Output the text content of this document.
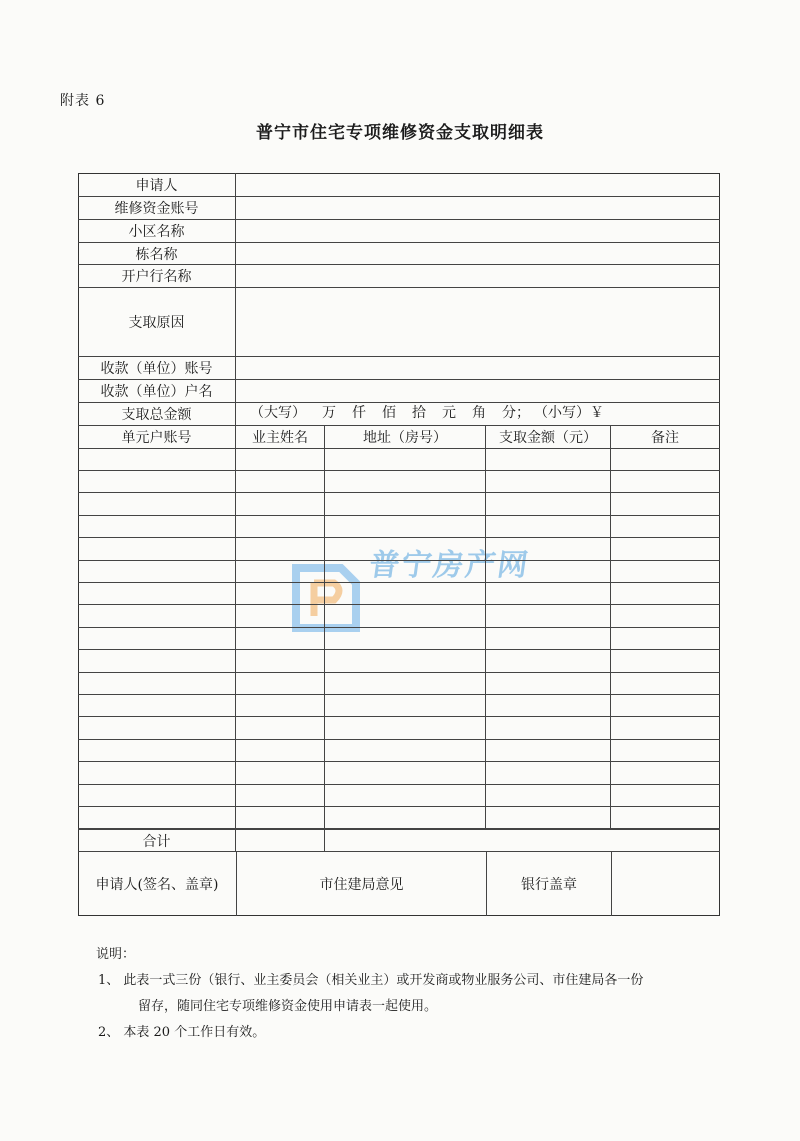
附表 6
普宁市住宅专项维修资金支取明细表
普宁房产网
申请人
维修资金账号
小区名称
栋名称
开户行名称
支取原因
收款（单位）账号
收款（单位）户名
支取总金额	（大写） 万 仟 佰 拾 元 角 分； （小写）￥
单元户账号	业主姓名	地址（房号）	支取金额（元）	备注
合计
申请人(签名、盖章)	市住建局意见	银行盖章
说明：
1、 此表一式三份（银行、业主委员会（相关业主）或开发商或物业服务公司、市住建局各一份
留存，随同住宅专项维修资金使用申请表一起使用。
2、 本表 20 个工作日有效。
